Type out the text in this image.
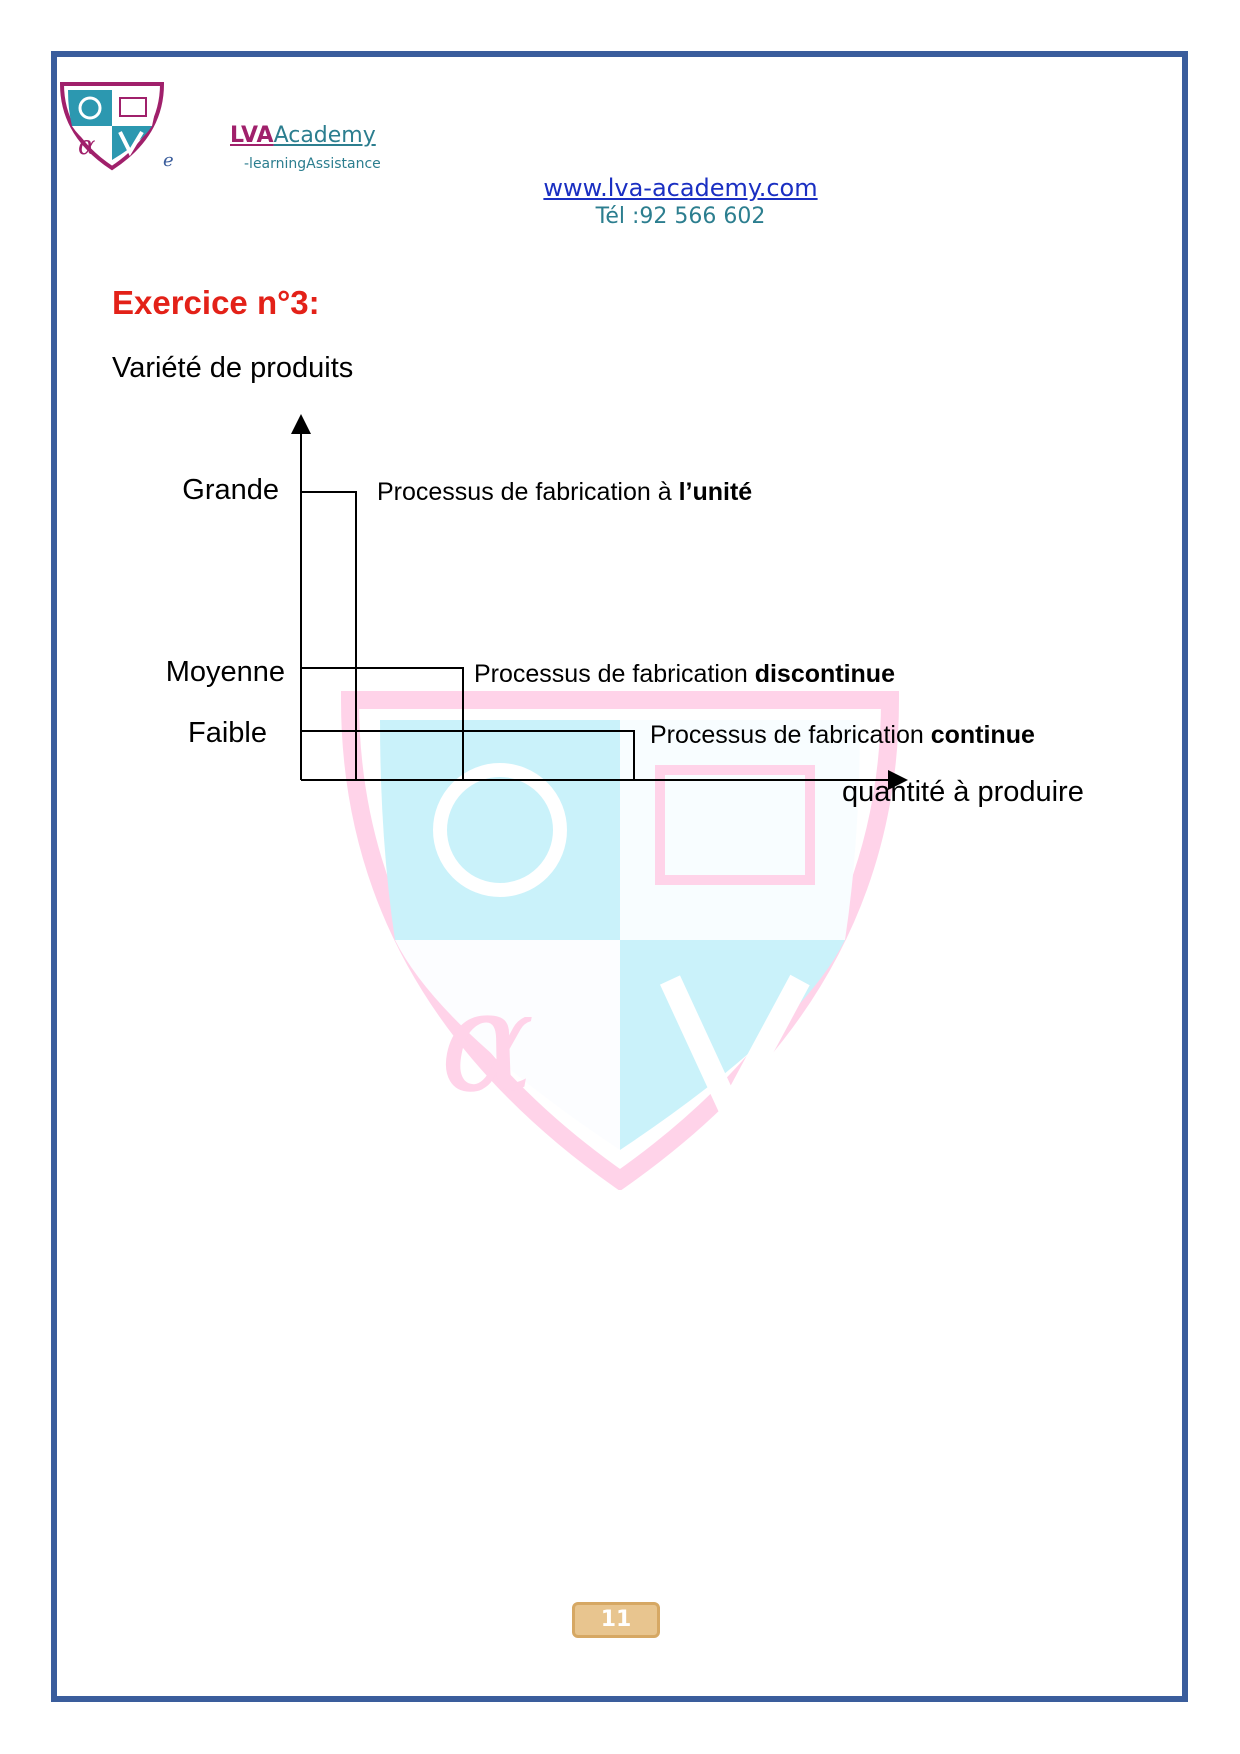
α
α	e
LVAAcademy
-learningAssistance
www.lva-academy.com
Tél :92 566 602
Exercice n°3:
Variété de produits
Grande
Moyenne
Faible
Processus de fabrication à l’unité
Processus de fabrication discontinue
Processus de fabrication continue
quantité à produire
11
